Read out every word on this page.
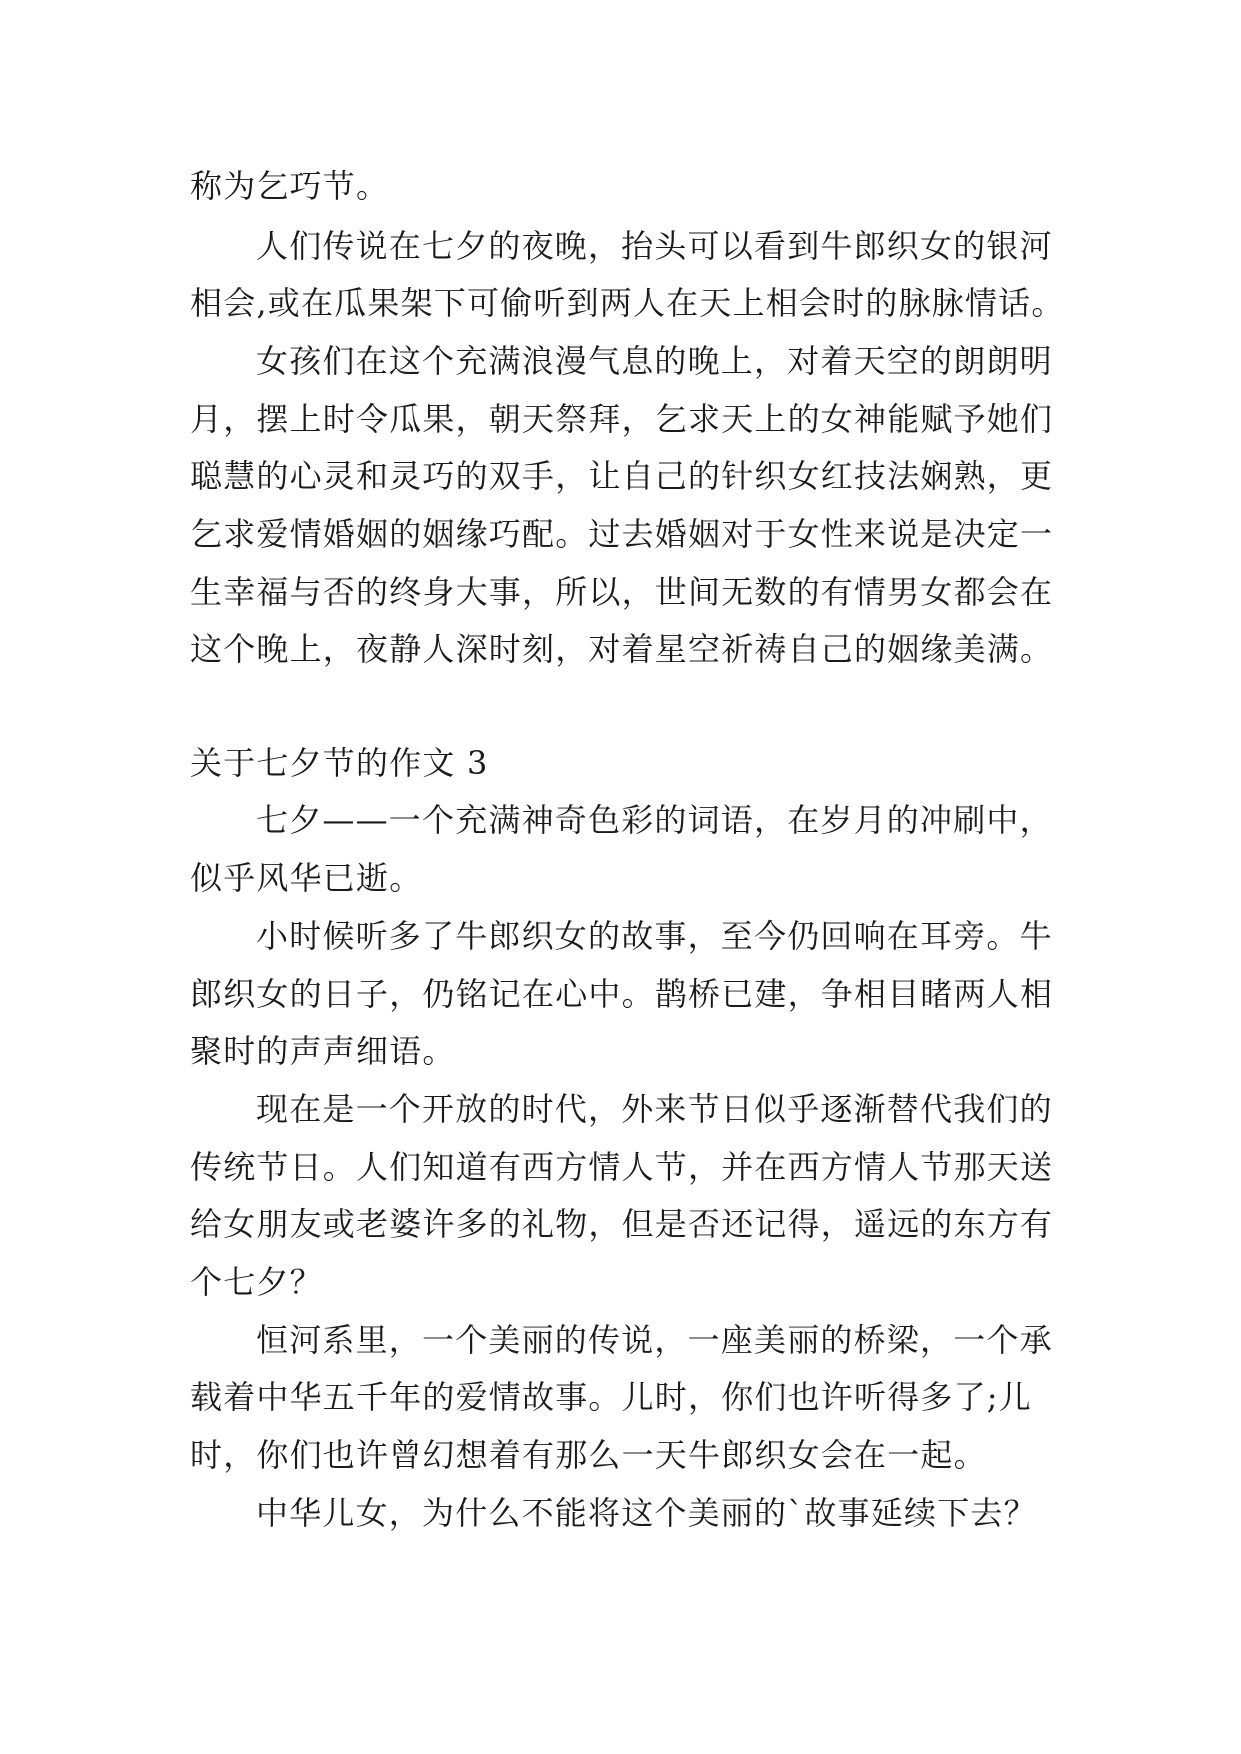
称为乞巧节。
人们传说在七夕的夜晚，抬头可以看到牛郎织女的银河
相会,或在瓜果架下可偷听到两人在天上相会时的脉脉情话。
女孩们在这个充满浪漫气息的晚上，对着天空的朗朗明
月，摆上时令瓜果，朝天祭拜，乞求天上的女神能赋予她们
聪慧的心灵和灵巧的双手，让自己的针织女红技法娴熟，更
乞求爱情婚姻的姻缘巧配。过去婚姻对于女性来说是决定一
生幸福与否的终身大事，所以，世间无数的有情男女都会在
这个晚上，夜静人深时刻，对着星空祈祷自己的姻缘美满。
关于七夕节的作文 3
七夕——一个充满神奇色彩的词语，在岁月的冲刷中，
似乎风华已逝。
小时候听多了牛郎织女的故事，至今仍回响在耳旁。牛
郎织女的日子，仍铭记在心中。鹊桥已建，争相目睹两人相
聚时的声声细语。
现在是一个开放的时代，外来节日似乎逐渐替代我们的
传统节日。人们知道有西方情人节，并在西方情人节那天送
给女朋友或老婆许多的礼物，但是否还记得，遥远的东方有
个七夕？
恒河系里，一个美丽的传说，一座美丽的桥梁，一个承
载着中华五千年的爱情故事。儿时，你们也许听得多了;儿
时，你们也许曾幻想着有那么一天牛郎织女会在一起。
中华儿女，为什么不能将这个美丽的`故事延续下去？
